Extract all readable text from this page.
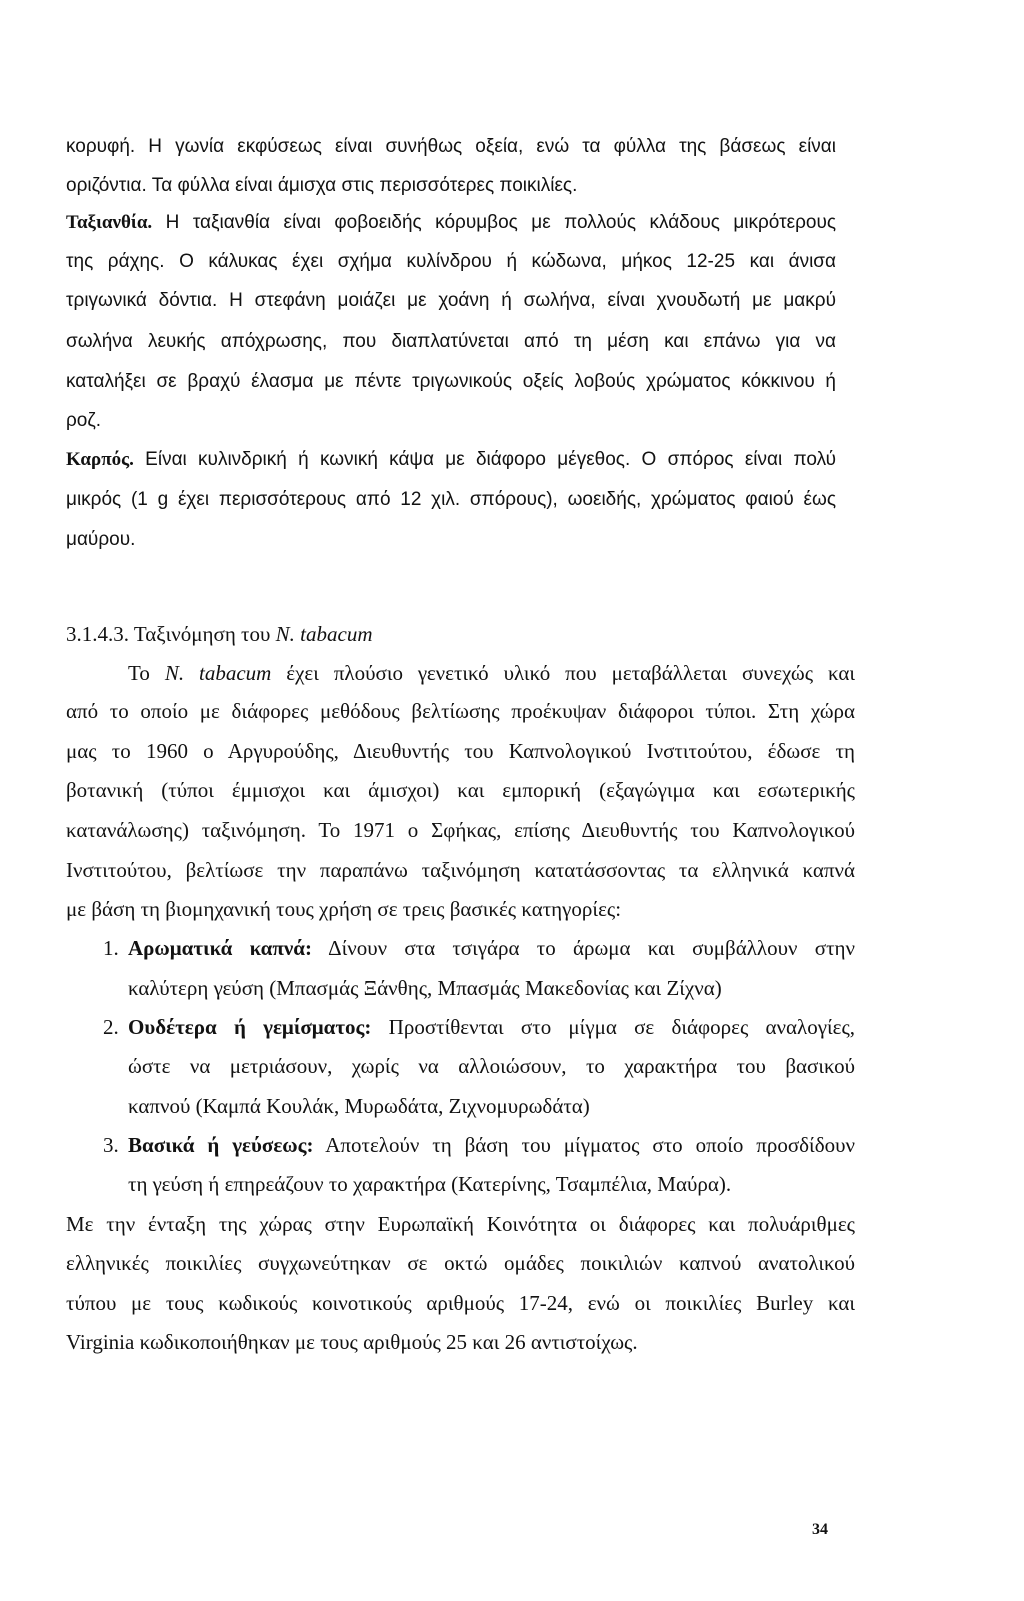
κορυφή. Η γωνία εκφύσεως είναι συνήθως οξεία, ενώ τα φύλλα της βάσεως είναι
οριζόντια. Τα φύλλα είναι άμισχα στις περισσότερες ποικιλίες.
Ταξιανθία. Η ταξιανθία είναι φοβοειδής κόρυμβος με πολλούς κλάδους μικρότερους
της ράχης. Ο κάλυκας έχει σχήμα κυλίνδρου ή κώδωνα, μήκος 12-25 και άνισα
τριγωνικά δόντια. Η στεφάνη μοιάζει με χοάνη ή σωλήνα, είναι χνουδωτή με μακρύ
σωλήνα λευκής απόχρωσης, που διαπλατύνεται από τη μέση και επάνω για να
καταλήξει σε βραχύ έλασμα με πέντε τριγωνικούς οξείς λοβούς χρώματος κόκκινου ή
ροζ.
Καρπός. Είναι κυλινδρική ή κωνική κάψα με διάφορο μέγεθος. Ο σπόρος είναι πολύ
μικρός (1 g έχει περισσότερους από 12 χιλ. σπόρους), ωοειδής, χρώματος φαιού έως
μαύρου.
3.1.4.3. Ταξινόμηση του N. tabacum
Το N. tabacum έχει πλούσιο γενετικό υλικό που μεταβάλλεται συνεχώς και
από το οποίο με διάφορες μεθόδους βελτίωσης προέκυψαν διάφοροι τύποι. Στη χώρα
μας το 1960 ο Αργυρούδης, Διευθυντής του Καπνολογικού Ινστιτούτου, έδωσε τη
βοτανική (τύποι έμμισχοι και άμισχοι) και εμπορική (εξαγώγιμα και εσωτερικής
κατανάλωσης) ταξινόμηση. Το 1971 ο Σφήκας, επίσης Διευθυντής του Καπνολογικού
Ινστιτούτου, βελτίωσε την παραπάνω ταξινόμηση κατατάσσοντας τα ελληνικά καπνά
με βάση τη βιομηχανική τους χρήση σε τρεις βασικές κατηγορίες:
1. Αρωματικά καπνά: Δίνουν στα τσιγάρα το άρωμα και συμβάλλουν στην
καλύτερη γεύση (Μπασμάς Ξάνθης, Μπασμάς Μακεδονίας και Ζίχνα)
2. Ουδέτερα ή γεμίσματος: Προστίθενται στο μίγμα σε διάφορες αναλογίες,
ώστε να μετριάσουν, χωρίς να αλλοιώσουν, το χαρακτήρα του βασικού
καπνού (Καμπά Κουλάκ, Μυρωδάτα, Ζιχνομυρωδάτα)
3. Βασικά ή γεύσεως: Αποτελούν τη βάση του μίγματος στο οποίο προσδίδουν
τη γεύση ή επηρεάζουν το χαρακτήρα (Κατερίνης, Τσαμπέλια, Μαύρα).
Με την ένταξη της χώρας στην Ευρωπαϊκή Κοινότητα οι διάφορες και πολυάριθμες
ελληνικές ποικιλίες συγχωνεύτηκαν σε οκτώ ομάδες ποικιλιών καπνού ανατολικού
τύπου με τους κωδικούς κοινοτικούς αριθμούς 17-24, ενώ οι ποικιλίες Burley και
Virginia κωδικοποιήθηκαν με τους αριθμούς 25 και 26 αντιστοίχως.
34
